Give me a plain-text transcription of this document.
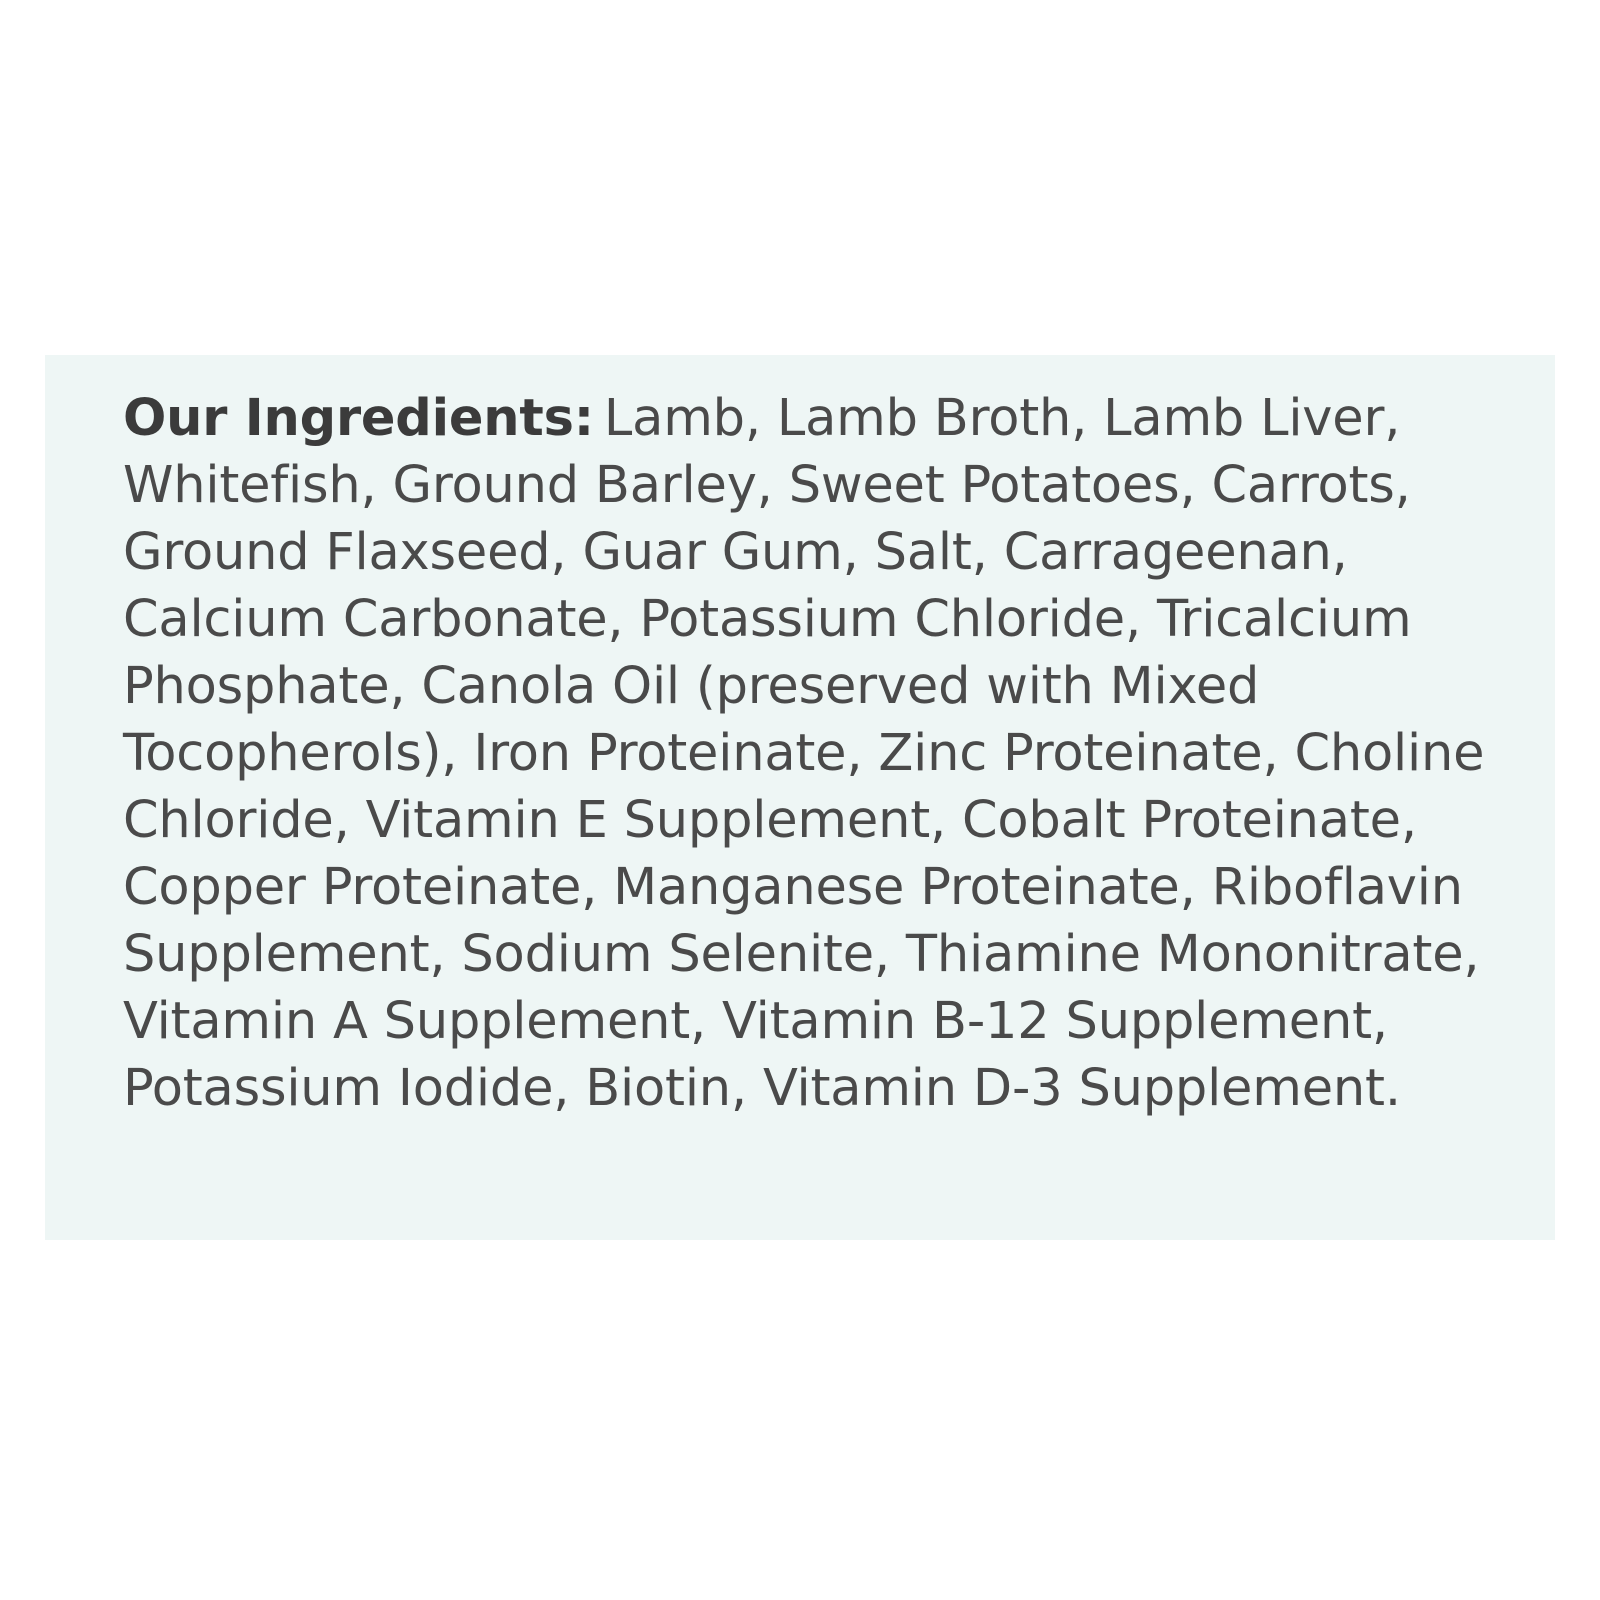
Our Ingredients: Lamb, Lamb Broth, Lamb Liver, Whitefish, Ground Barley, Sweet Potatoes, Carrots, Ground Flaxseed, Guar Gum, Salt, Carrageenan, Calcium Carbonate, Potassium Chloride, Tricalcium Phosphate, Canola Oil (preserved with Mixed Tocopherols), Iron Proteinate, Zinc Proteinate, Choline Chloride, Vitamin E Supplement, Cobalt Proteinate, Copper Proteinate, Manganese Proteinate, Riboflavin Supplement, Sodium Selenite, Thiamine Mononitrate, Vitamin A Supplement, Vitamin B-12 Supplement, Potassium Iodide, Biotin, Vitamin D-3 Supplement.
